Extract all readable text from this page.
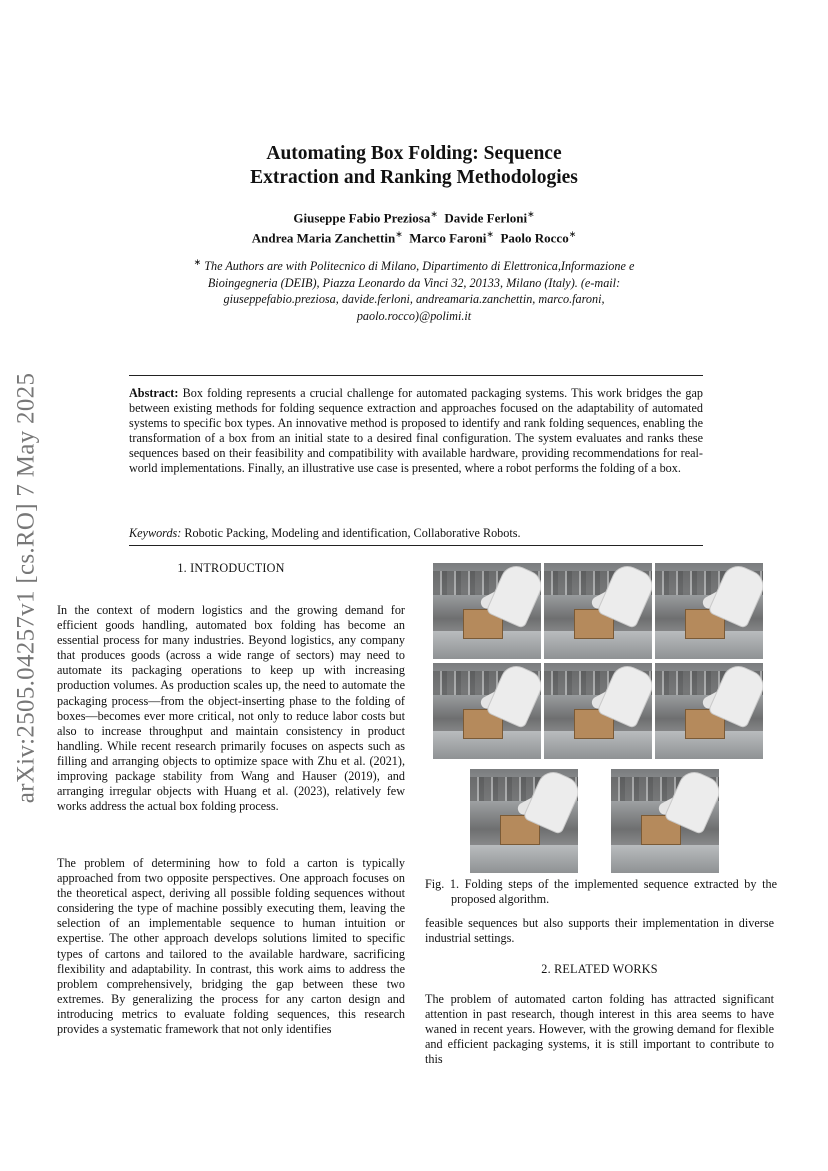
arXiv:2505.04257v1 [cs.RO] 7 May 2025
Automating Box Folding: Sequence
Extraction and Ranking Methodologies
Giuseppe Fabio Preziosa∗ Davide Ferloni∗
Andrea Maria Zanchettin∗ Marco Faroni∗ Paolo Rocco∗
∗ The Authors are with Politecnico di Milano, Dipartimento di Elettronica,Informazione e Bioingegneria (DEIB), Piazza Leonardo da Vinci 32, 20133, Milano (Italy). (e-mail: giuseppefabio.preziosa, davide.ferloni, andreamaria.zanchettin, marco.faroni, paolo.rocco)@polimi.it

Abstract: Box folding represents a crucial challenge for automated packaging systems. This work bridges the gap between existing methods for folding sequence extraction and approaches focused on the adaptability of automated systems to specific box types. An innovative method is proposed to identify and rank folding sequences, enabling the transformation of a box from an initial state to a desired final configuration. The system evaluates and ranks these sequences based on their feasibility and compatibility with available hardware, providing recommendations for real-world implementations. Finally, an illustrative use case is presented, where a robot performs the folding of a box.

Keywords: Robotic Packing, Modeling and identification, Collaborative Robots.

1. INTRODUCTION

In the context of modern logistics and the growing demand for efficient goods handling, automated box folding has become an essential process for many industries. Beyond logistics, any company that produces goods (across a wide range of sectors) may need to automate its packaging operations to keep up with increasing production volumes. As production scales up, the need to automate the packaging process—from the object-inserting phase to the folding of boxes—becomes ever more critical, not only to reduce labor costs but also to increase throughput and maintain consistency in product handling. While recent research primarily focuses on aspects such as filling and arranging objects to optimize space with Zhu et al. (2021), improving package stability from Wang and Hauser (2019), and arranging irregular objects with Huang et al. (2023), relatively few works address the actual box folding process.

The problem of determining how to fold a carton is typically approached from two opposite perspectives. One approach focuses on the theoretical aspect, deriving all possible folding sequences without considering the type of machine possibly executing them, leaving the selection of an implementable sequence to human intuition or expertise. The other approach develops solutions limited to specific types of cartons and tailored to the available hardware, sacrificing flexibility and adaptability. In contrast, this work aims to address the problem comprehensively, bridging the gap between these two extremes. By generalizing the process for any carton design and introducing metrics to evaluate folding sequences, this research provides a systematic framework that not only identifies

Fig. 1. Folding steps of the implemented sequence extracted by the proposed algorithm.

feasible sequences but also supports their implementation in diverse industrial settings.

2. RELATED WORKS

The problem of automated carton folding has attracted significant attention in past research, though interest in this area seems to have waned in recent years. However, with the growing demand for flexible and efficient packaging systems, it is still important to contribute to this
